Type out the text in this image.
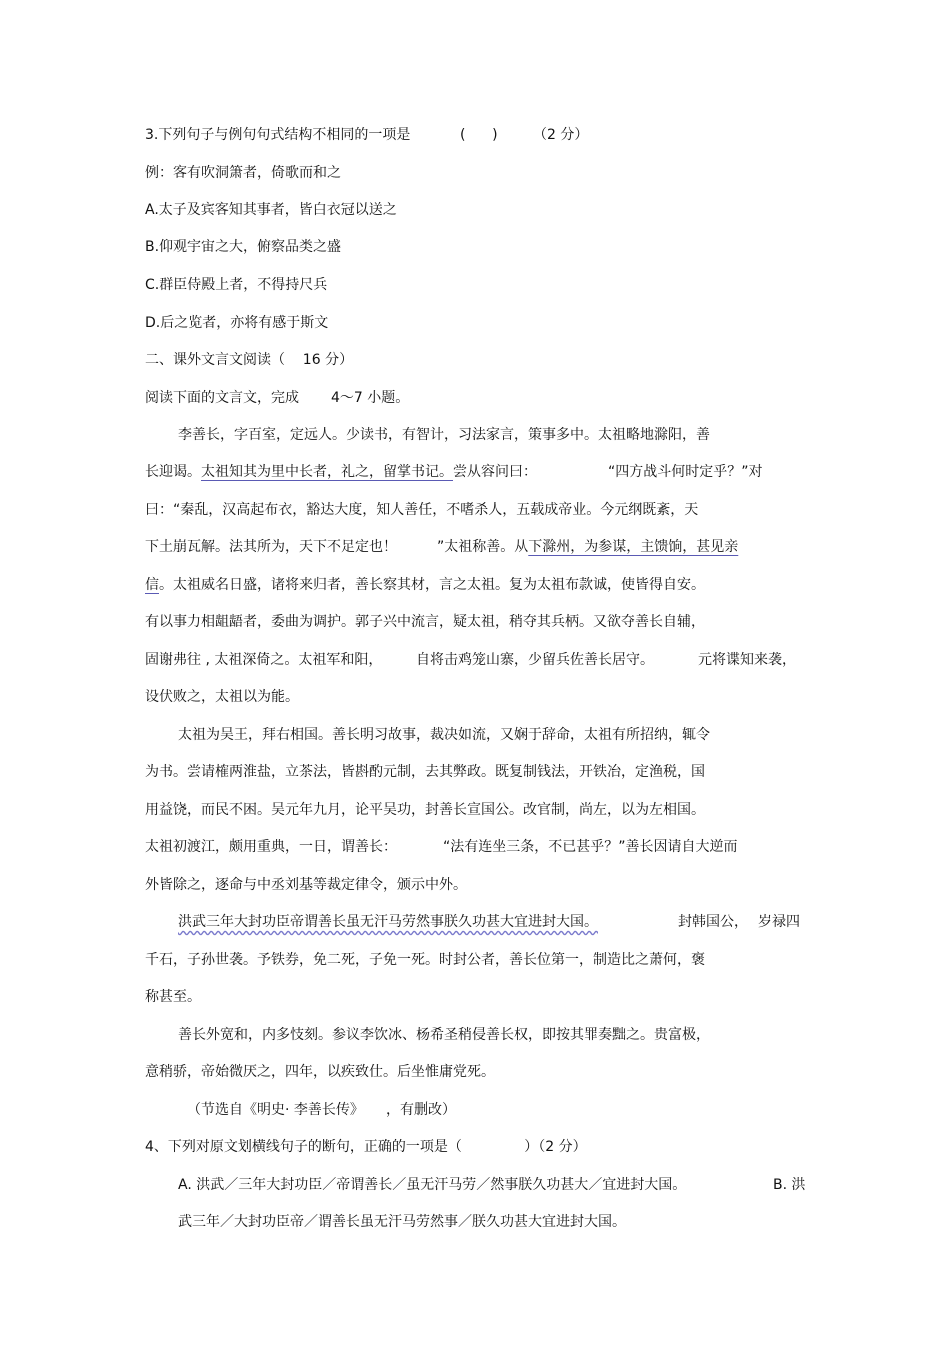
3.下列句子与例句句式结构不相同的一项是	(      )	（2 分）
例：客有吹洞箫者，倚歌而和之
A.太子及宾客知其事者，皆白衣冠以送之
B.仰观宇宙之大，俯察品类之盛
C.群臣侍殿上者，不得持尺兵
D.后之览者，亦将有感于斯文
二、课外文言文阅读（    16 分）
阅读下面的文言文，完成 4～7 小题。
李善长，字百室，定远人。少读书，有智计，习法家言，策事多中。太祖略地滁阳，善
长迎谒。太祖知其为里中长者，礼之，留掌书记。尝从容问曰：	“四方战斗何时定乎？”对
曰：“秦乱，汉高起布衣，豁达大度，知人善任，不嗜杀人，五载成帝业。今元纲既紊，天
下土崩瓦解。法其所为，天下不足定也！	”太祖称善。从下滁州，为参谋，主馈饷，甚见亲
信。太祖威名日盛，诸将来归者，善长察其材，言之太祖。复为太祖布款诚，使皆得自安。
有以事力相龃龉者，委曲为调护。郭子兴中流言，疑太祖，稍夺其兵柄。又欲夺善长自辅，
固谢弗往 , 太祖深倚之。太祖军和阳， 自将击鸡笼山寨，少留兵佐善长居守。	元将谍知来袭，
设伏败之，太祖以为能。
太祖为吴王，拜右相国。善长明习故事，裁决如流，又娴于辞命，太祖有所招纳，辄令
为书。尝请榷两淮盐，立茶法，皆斟酌元制，去其弊政。既复制钱法，开铁冶，定渔税，国
用益饶，而民不困。吴元年九月，论平吴功，封善长宣国公。改官制，尚左，以为左相国。
太祖初渡江，颇用重典，一日，谓善长：	“法有连坐三条，不已甚乎？”善长因请自大逆而
外皆除之，逐命与中丞刘基等裁定律令，颁示中外。
洪武三年大封功臣帝谓善长虽无汗马劳然事朕久功甚大宜进封大国。	封韩国公， 岁禄四
千石，子孙世袭。予铁券，免二死，子免一死。时封公者，善长位第一，制造比之萧何，褒
称甚至。
善长外宽和，内多忮刻。参议李饮冰、杨希圣稍侵善长权，即按其罪奏黜之。贵富极，
意稍骄，帝始微厌之，四年，以疾致仕。后坐惟庸党死。
（节选自《明史· 李善长传》 ，有删改）
4、下列对原文划横线句子的断句，正确的一项是（              ）（2 分）
A. 洪武／三年大封功臣／帝谓善长／虽无汗马劳／然事朕久功甚大／宜进封大国。	B. 洪
武三年／大封功臣帝／谓善长虽无汗马劳然事／朕久功甚大宜进封大国。
